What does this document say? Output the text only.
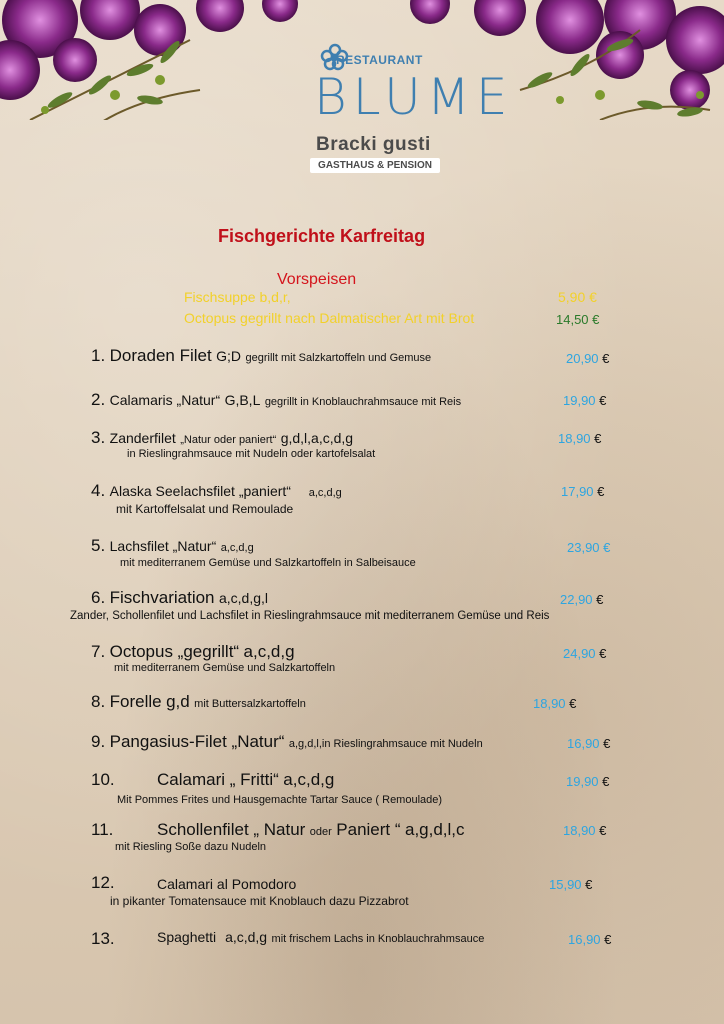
RESTAURANT
BLUME
Bracki gusti
GASTHAUS & PENSION
Fischgerichte Karfreitag
Vorspeisen
Fischsuppe b,d,r,	5,90 €
Octopus gegrillt nach Dalmatischer Art mit Brot	14,50 €
1. Doraden Filet G;D gegrillt mit Salzkartoffeln und Gemuse	20,90 €
2. Calamaris „Natur“ G,B,L gegrillt in Knoblauchrahmsauce mit Reis	19,90 €
3. Zanderfilet „Natur oder paniert“ g,d,l,a,c,d,g
in Rieslingrahmsauce mit Nudeln oder kartofelsalat
18,90 €
4. Alaska Seelachsfilet „paniert“ a,c,d,g
mit Kartoffelsalat und Remoulade
17,90 €
5. Lachsfilet „Natur“ a,c,d,g
mit mediterranem Gemüse und Salzkartoffeln in Salbeisauce
23,90 €
6. Fischvariation a,c,d,g,l
Zander, Schollenfilet und Lachsfilet in Rieslingrahmsauce mit mediterranem Gemüse und Reis
22,90 €
7. Octopus „gegrillt“ a,c,d,g
mit mediterranem Gemüse und Salzkartoffeln
24,90 €
8. Forelle g,d mit Buttersalzkartoffeln	18,90 €
9. Pangasius-Filet „Natur“ a,g,d,l,in Rieslingrahmsauce mit Nudeln	16,90 €
10. Calamari „ Fritti“ a,c,d,g
Mit Pommes Frites und Hausgemachte Tartar Sauce ( Remoulade)
19,90 €
11.	Schollenfilet „ Natur oder Paniert “ a,g,d,l,c
mit Riesling Soße dazu Nudeln
18,90 €
12.	Calamari al Pomodoro
in pikanter Tomatensauce mit Knoblauch dazu Pizzabrot
15,90 €
13.	Spaghetti a,c,d,g mit frischem Lachs in Knoblauchrahmsauce	16,90 €
